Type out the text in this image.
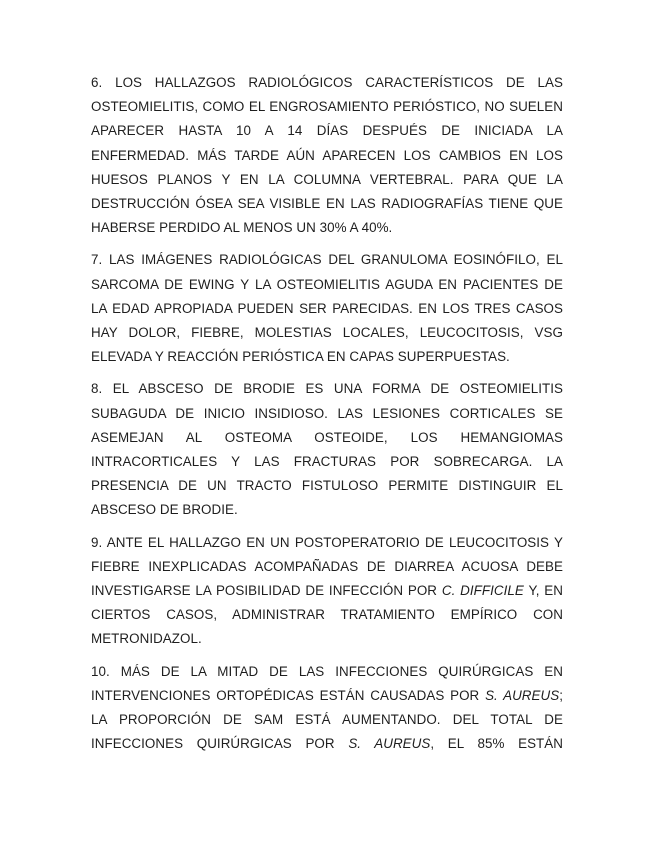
6. LOS HALLAZGOS RADIOLÓGICOS CARACTERÍSTICOS DE LAS OSTEOMIELITIS, COMO EL ENGROSAMIENTO PERIÓSTICO, NO SUELEN APARECER HASTA 10 A 14 DÍAS DESPUÉS DE INICIADA LA ENFERMEDAD. MÁS TARDE AÚN APARECEN LOS CAMBIOS EN LOS HUESOS PLANOS Y EN LA COLUMNA VERTEBRAL. PARA QUE LA DESTRUCCIÓN ÓSEA SEA VISIBLE EN LAS RADIOGRAFÍAS TIENE QUE HABERSE PERDIDO AL MENOS UN 30% A 40%.

7. LAS IMÁGENES RADIOLÓGICAS DEL GRANULOMA EOSINÓFILO, EL SARCOMA DE EWING Y LA OSTEOMIELITIS AGUDA EN PACIENTES DE LA EDAD APROPIADA PUEDEN SER PARECIDAS. EN LOS TRES CASOS HAY DOLOR, FIEBRE, MOLESTIAS LOCALES, LEUCOCITOSIS, VSG ELEVADA Y REACCIÓN PERIÓSTICA EN CAPAS SUPERPUESTAS.

8. EL ABSCESO DE BRODIE ES UNA FORMA DE OSTEOMIELITIS SUBAGUDA DE INICIO INSIDIOSO. LAS LESIONES CORTICALES SE ASEMEJAN AL OSTEOMA OSTEOIDE, LOS HEMANGIOMAS INTRACORTICALES Y LAS FRACTURAS POR SOBRECARGA. LA PRESENCIA DE UN TRACTO FISTULOSO PERMITE DISTINGUIR EL ABSCESO DE BRODIE.

9. ANTE EL HALLAZGO EN UN POSTOPERATORIO DE LEUCOCITOSIS Y FIEBRE INEXPLICADAS ACOMPAÑADAS DE DIARREA ACUOSA DEBE INVESTIGARSE LA POSIBILIDAD DE INFECCIÓN POR C. DIFFICILE Y, EN CIERTOS CASOS, ADMINISTRAR TRATAMIENTO EMPÍRICO CON METRONIDAZOL.

10. MÁS DE LA MITAD DE LAS INFECCIONES QUIRÚRGICAS EN INTERVENCIONES ORTOPÉDICAS ESTÁN CAUSADAS POR S. AUREUS; LA PROPORCIÓN DE SAM ESTÁ AUMENTANDO. DEL TOTAL DE INFECCIONES QUIRÚRGICAS POR S. AUREUS, EL 85% ESTÁN
